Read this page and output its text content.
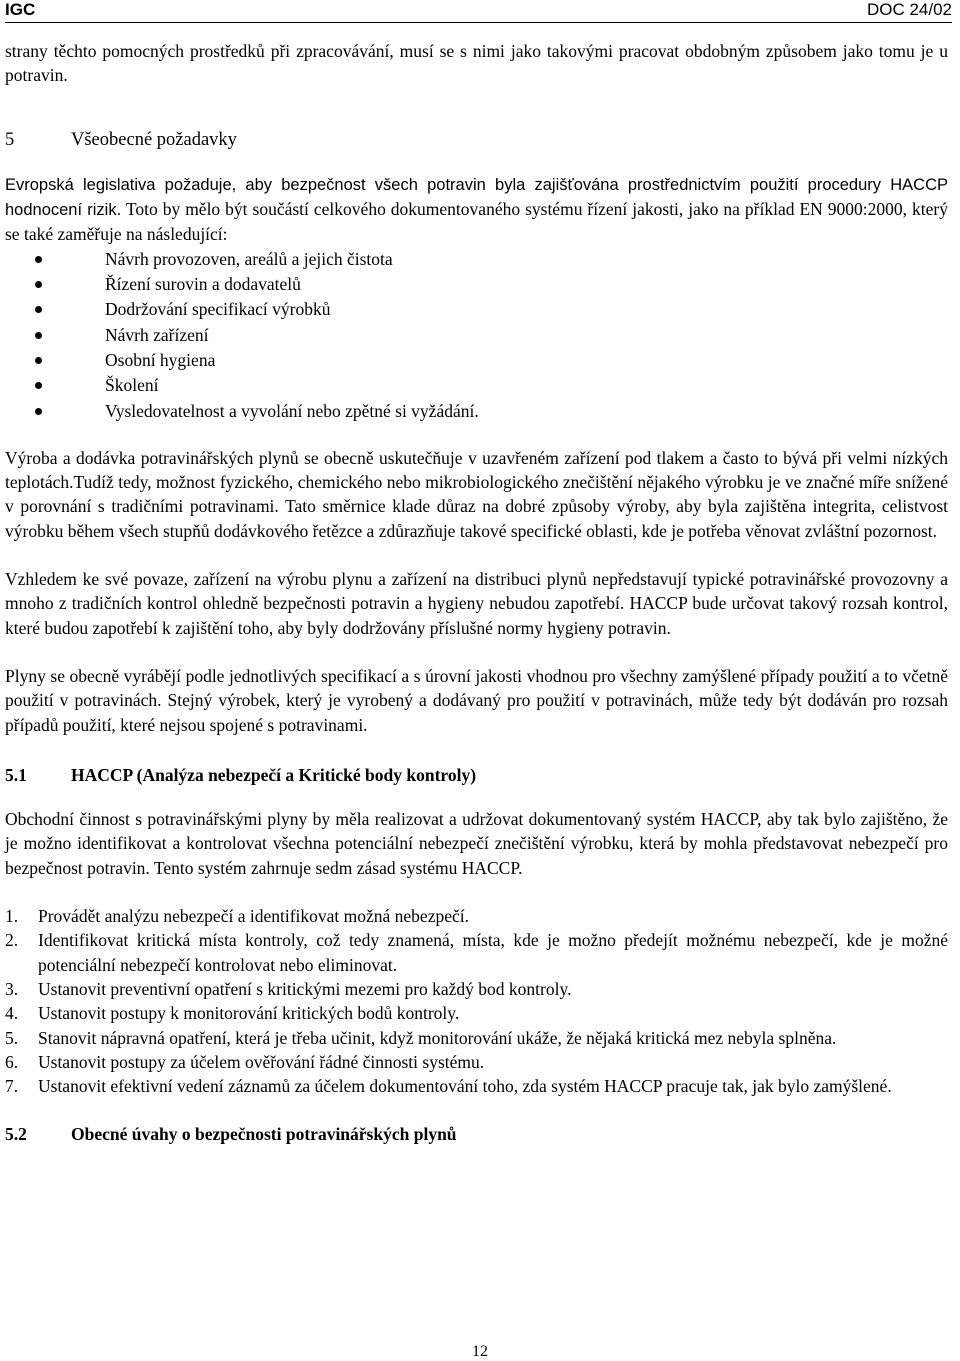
IGC	DOC 24/02

strany těchto pomocných prostředků při zpracovávání, musí se s nimi jako takovými pracovat obdobným způsobem jako tomu je u potravin.

5	Všeobecné požadavky

Evropská legislativa požaduje, aby bezpečnost všech potravin byla zajišťována prostřednictvím použití procedury HACCP hodnocení rizik. Toto by mělo být součástí celkového dokumentovaného systému řízení jakosti, jako na příklad EN 9000:2000, který se také zaměřuje na následující:

Návrh provozoven, areálů a jejich čistota
Řízení surovin a dodavatelů
Dodržování specifikací výrobků
Návrh zařízení
Osobní hygiena
Školení
Vysledovatelnost a vyvolání nebo zpětné si vyžádání.

Výroba a dodávka potravinářských plynů se obecně uskutečňuje v uzavřeném zařízení pod tlakem a často to bývá při velmi nízkých teplotách.Tudíž tedy, možnost fyzického, chemického nebo mikrobiologického znečištění nějakého výrobku je ve značné míře snížené v porovnání s tradičními potravinami. Tato směrnice klade důraz na dobré způsoby výroby, aby byla zajištěna integrita, celistvost výrobku během všech stupňů dodávkového řetězce a zdůrazňuje takové specifické oblasti, kde je potřeba věnovat zvláštní pozornost.

Vzhledem ke své povaze, zařízení na výrobu plynu a zařízení na distribuci plynů nepředstavují typické potravinářské provozovny a mnoho z tradičních kontrol ohledně bezpečnosti potravin a hygieny nebudou zapotřebí. HACCP bude určovat takový rozsah kontrol, které budou zapotřebí k zajištění toho, aby byly dodržovány příslušné normy hygieny potravin.

Plyny se obecně vyrábějí podle jednotlivých specifikací a s úrovní jakosti vhodnou pro všechny zamýšlené případy použití a to včetně použití v potravinách. Stejný výrobek, který je vyrobený a dodávaný pro použití v potravinách, může tedy být dodáván pro rozsah případů použití, které nejsou spojené s potravinami.

5.1	HACCP (Analýza nebezpečí a Kritické body kontroly)

Obchodní činnost s potravinářskými plyny by měla realizovat a udržovat dokumentovaný systém HACCP, aby tak bylo zajištěno, že je možno identifikovat a kontrolovat všechna potenciální nebezpečí znečištění výrobku, která by mohla představovat nebezpečí pro bezpečnost potravin. Tento systém zahrnuje sedm zásad systému HACCP.

1.	Provádět analýzu nebezpečí a identifikovat možná nebezpečí.
2.	Identifikovat kritická místa kontroly, což tedy znamená, místa, kde je možno předejít možnému nebezpečí, kde je možné potenciální nebezpečí kontrolovat nebo eliminovat.
3.	Ustanovit preventivní opatření s kritickými mezemi pro každý bod kontroly.
4.	Ustanovit postupy k monitorování kritických bodů kontroly.
5.	Stanovit nápravná opatření, která je třeba učinit, když monitorování ukáže, že nějaká kritická mez nebyla splněna.
6.	Ustanovit postupy za účelem ověřování řádné činnosti systému.
7.	Ustanovit efektivní vedení záznamů za účelem dokumentování toho, zda systém HACCP pracuje tak, jak bylo zamýšlené.
5.2	Obecné úvahy o bezpečnosti potravinářských plynů
12
